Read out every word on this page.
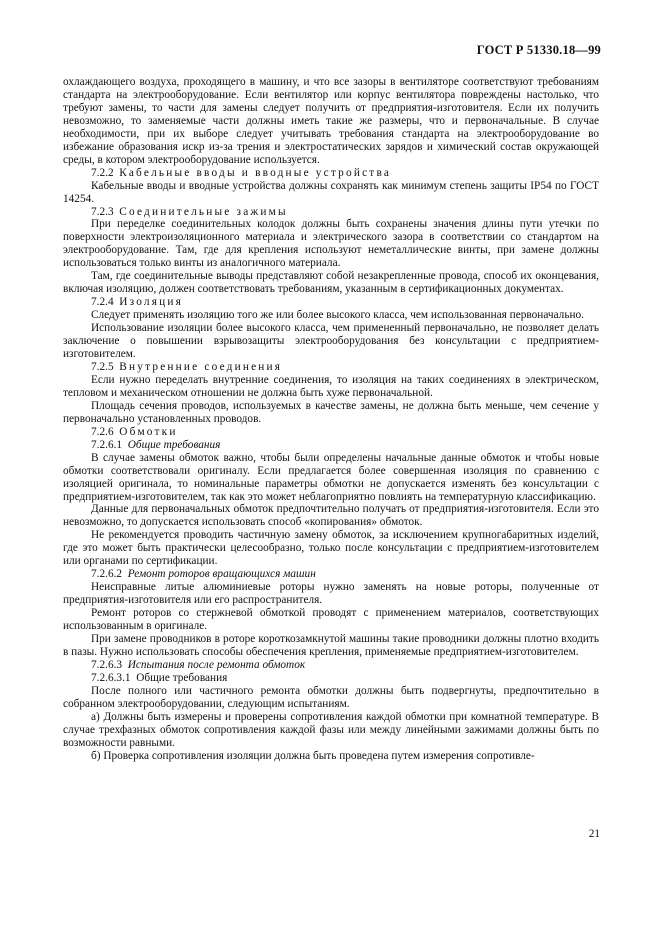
ГОСТ Р 51330.18—99

охлаждающего воздуха, проходящего в машину, и что все зазоры в вентиляторе соответствуют требованиям стандарта на электрооборудование. Если вентилятор или корпус вентилятора повреждены настолько, что требуют замены, то части для замены следует получить от предприятия-изготовителя. Если их получить невозможно, то заменяемые части должны иметь такие же размеры, что и первоначальные. В случае необходимости, при их выборе следует учитывать требования стандарта на электрооборудование во избежание образования искр из-за трения и электростатических зарядов и химический состав окружающей среды, в котором электрооборудование используется.

7.2.2  Кабельные вводы и вводные устройства

Кабельные вводы и вводные устройства должны сохранять как минимум степень защиты IP54 по ГОСТ 14254.

7.2.3  Соединительные зажимы

При переделке соединительных колодок должны быть сохранены значения длины пути утечки по поверхности электроизоляционного материала и электрического зазора в соответствии со стандартом на электрооборудование. Там, где для крепления используют неметаллические винты, при замене должны использоваться только винты из аналогичного материала.

Там, где соединительные выводы представляют собой незакрепленные провода, способ их оконцевания, включая изоляцию, должен соответствовать требованиям, указанным в сертификационных документах.

7.2.4  Изоляция

Следует применять изоляцию того же или более высокого класса, чем использованная первоначально.

Использование изоляции более высокого класса, чем примененный первоначально, не позволяет делать заключение о повышении взрывозащиты электрооборудования без консультации с предприятием-изготовителем.

7.2.5  Внутренние соединения

Если нужно переделать внутренние соединения, то изоляция на таких соединениях в электрическом, тепловом и механическом отношении не должна быть хуже первоначальной.

Площадь сечения проводов, используемых в качестве замены, не должна быть меньше, чем сечение у первоначально установленных проводов.

7.2.6  Обмотки

7.2.6.1  Общие требования

В случае замены обмоток важно, чтобы были определены начальные данные обмоток и чтобы новые обмотки соответствовали оригиналу. Если предлагается более совершенная изоляция по сравнению с изоляцией оригинала, то номинальные параметры обмотки не допускается изменять без консультации с предприятием-изготовителем, так как это может неблагоприятно повлиять на температурную классификацию.

Данные для первоначальных обмоток предпочтительно получать от предприятия-изготовителя. Если это невозможно, то допускается использовать способ «копирования» обмоток.

Не рекомендуется проводить частичную замену обмоток, за исключением крупногабаритных изделий, где это может быть практически целесообразно, только после консультации с предприятием-изготовителем или органами по сертификации.

7.2.6.2  Ремонт роторов вращающихся машин

Неисправные литые алюминиевые роторы нужно заменять на новые роторы, полученные от предприятия-изготовителя или его распространителя.

Ремонт роторов со стержневой обмоткой проводят с применением материалов, соответствующих использованным в оригинале.

При замене проводников в роторе короткозамкнутой машины такие проводники должны плотно входить в пазы. Нужно использовать способы обеспечения крепления, применяемые предприятием-изготовителем.

7.2.6.3  Испытания после ремонта обмоток

7.2.6.3.1  Общие требования

После полного или частичного ремонта обмотки должны быть подвергнуты, предпочтительно в собранном электрооборудовании, следующим испытаниям.

а) Должны быть измерены и проверены сопротивления каждой обмотки при комнатной температуре. В случае трехфазных обмоток сопротивления каждой фазы или между линейными зажимами должны быть по возможности равными.

б) Проверка сопротивления изоляции должна быть проведена путем измерения сопротивле-

21
